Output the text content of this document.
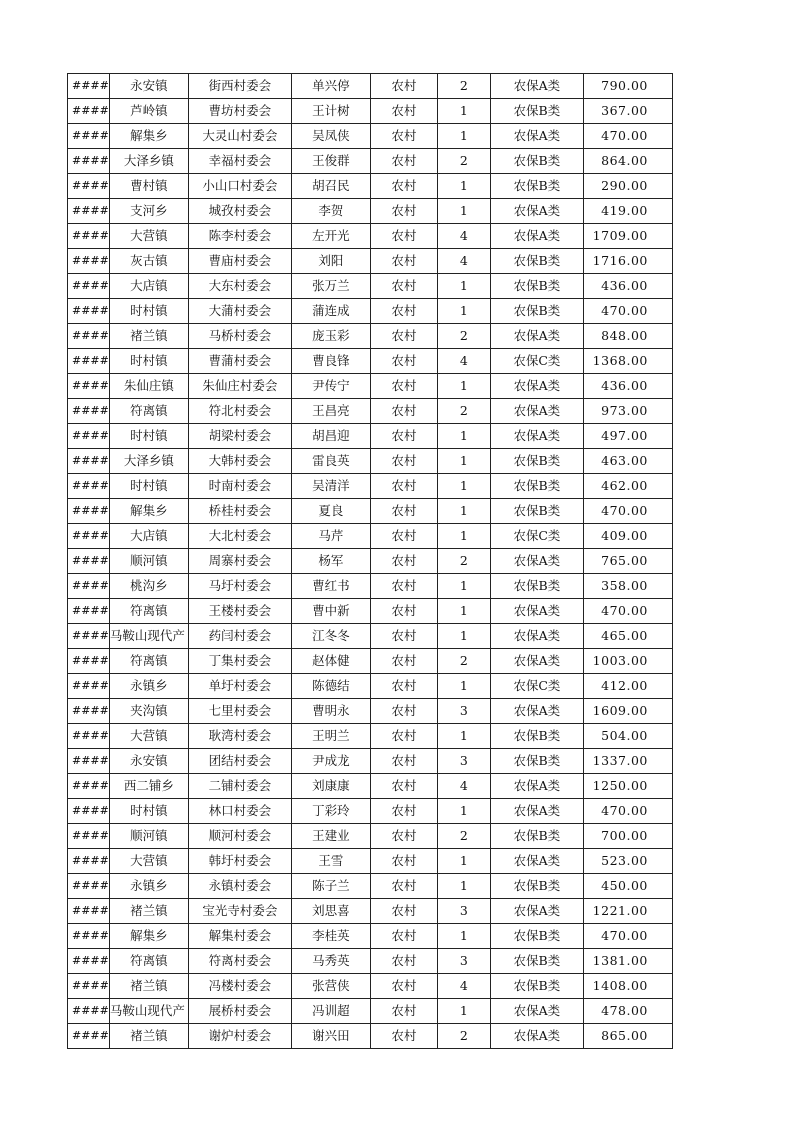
####	永安镇	街西村委会	单兴停	农村	2	农保A类	790.00
####	芦岭镇	曹坊村委会	王计树	农村	1	农保B类	367.00
####	解集乡	大灵山村委会	吴凤侠	农村	1	农保A类	470.00
####	大泽乡镇	幸福村委会	王俊群	农村	2	农保B类	864.00
####	曹村镇	小山口村委会	胡召民	农村	1	农保B类	290.00
####	支河乡	城孜村委会	李贺	农村	1	农保A类	419.00
####	大营镇	陈李村委会	左开光	农村	4	农保A类	1709.00
####	灰古镇	曹庙村委会	刘阳	农村	4	农保B类	1716.00
####	大店镇	大东村委会	张万兰	农村	1	农保B类	436.00
####	时村镇	大蒲村委会	蒲连成	农村	1	农保B类	470.00
####	褚兰镇	马桥村委会	庞玉彩	农村	2	农保A类	848.00
####	时村镇	曹蒲村委会	曹良锋	农村	4	农保C类	1368.00
####	朱仙庄镇	朱仙庄村委会	尹传宁	农村	1	农保A类	436.00
####	符离镇	符北村委会	王昌亮	农村	2	农保A类	973.00
####	时村镇	胡梁村委会	胡昌迎	农村	1	农保A类	497.00
####	大泽乡镇	大韩村委会	雷良英	农村	1	农保B类	463.00
####	时村镇	时南村委会	吴清洋	农村	1	农保B类	462.00
####	解集乡	桥桂村委会	夏良	农村	1	农保B类	470.00
####	大店镇	大北村委会	马芹	农村	1	农保C类	409.00
####	顺河镇	周寨村委会	杨军	农村	2	农保A类	765.00
####	桃沟乡	马圩村委会	曹红书	农村	1	农保B类	358.00
####	符离镇	王楼村委会	曹中新	农村	1	农保A类	470.00
####	马鞍山现代产	药闫村委会	江冬冬	农村	1	农保A类	465.00
####	符离镇	丁集村委会	赵体健	农村	2	农保A类	1003.00
####	永镇乡	单圩村委会	陈德结	农村	1	农保C类	412.00
####	夹沟镇	七里村委会	曹明永	农村	3	农保A类	1609.00
####	大营镇	耿湾村委会	王明兰	农村	1	农保B类	504.00
####	永安镇	团结村委会	尹成龙	农村	3	农保B类	1337.00
####	西二铺乡	二铺村委会	刘康康	农村	4	农保A类	1250.00
####	时村镇	林口村委会	丁彩玲	农村	1	农保A类	470.00
####	顺河镇	顺河村委会	王建业	农村	2	农保B类	700.00
####	大营镇	韩圩村委会	王雪	农村	1	农保A类	523.00
####	永镇乡	永镇村委会	陈子兰	农村	1	农保B类	450.00
####	褚兰镇	宝光寺村委会	刘思喜	农村	3	农保A类	1221.00
####	解集乡	解集村委会	李桂英	农村	1	农保B类	470.00
####	符离镇	符离村委会	马秀英	农村	3	农保B类	1381.00
####	褚兰镇	冯楼村委会	张营侠	农村	4	农保B类	1408.00
####	马鞍山现代产	展桥村委会	冯训超	农村	1	农保A类	478.00
####	褚兰镇	谢炉村委会	谢兴田	农村	2	农保A类	865.00
